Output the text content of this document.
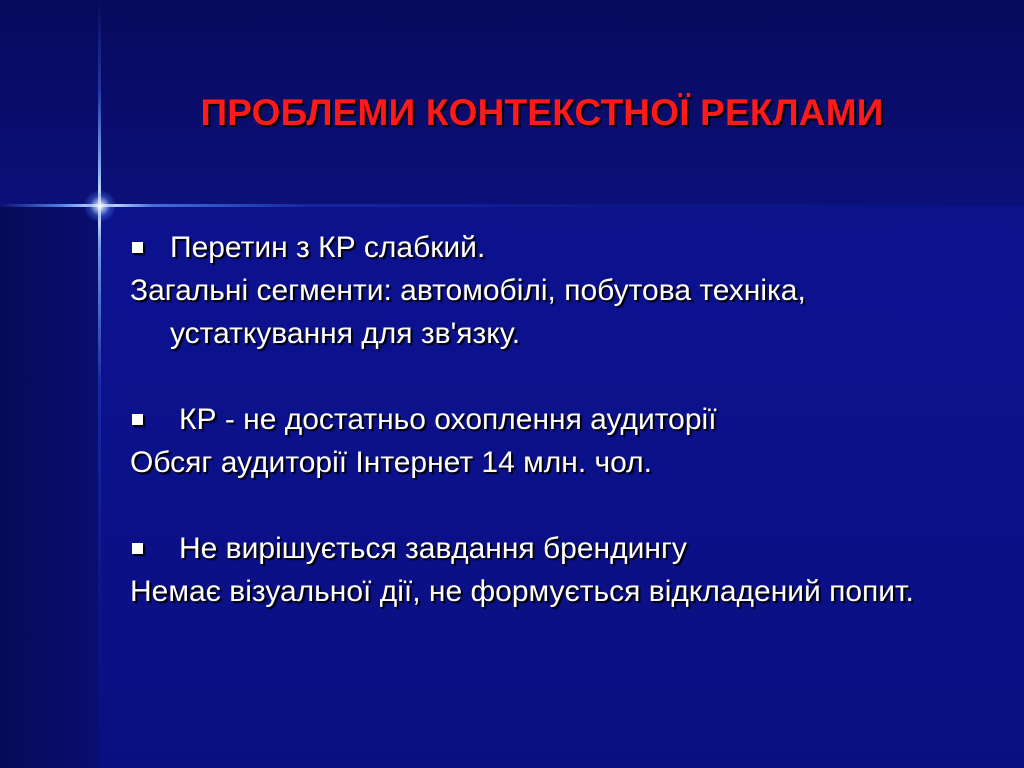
ПРОБЛЕМИ КОНТЕКСТНОЇ РЕКЛАМИ

Перетин з КР слабкий.

Загальні сегменти: автомобілі, побутова техніка, устаткування для зв'язку.

КР - не достатньо охоплення аудиторії

Обсяг аудиторії Інтернет 14 млн. чол.

Не вирішується завдання брендингу

Немає візуальної дії, не формується відкладений попит.
